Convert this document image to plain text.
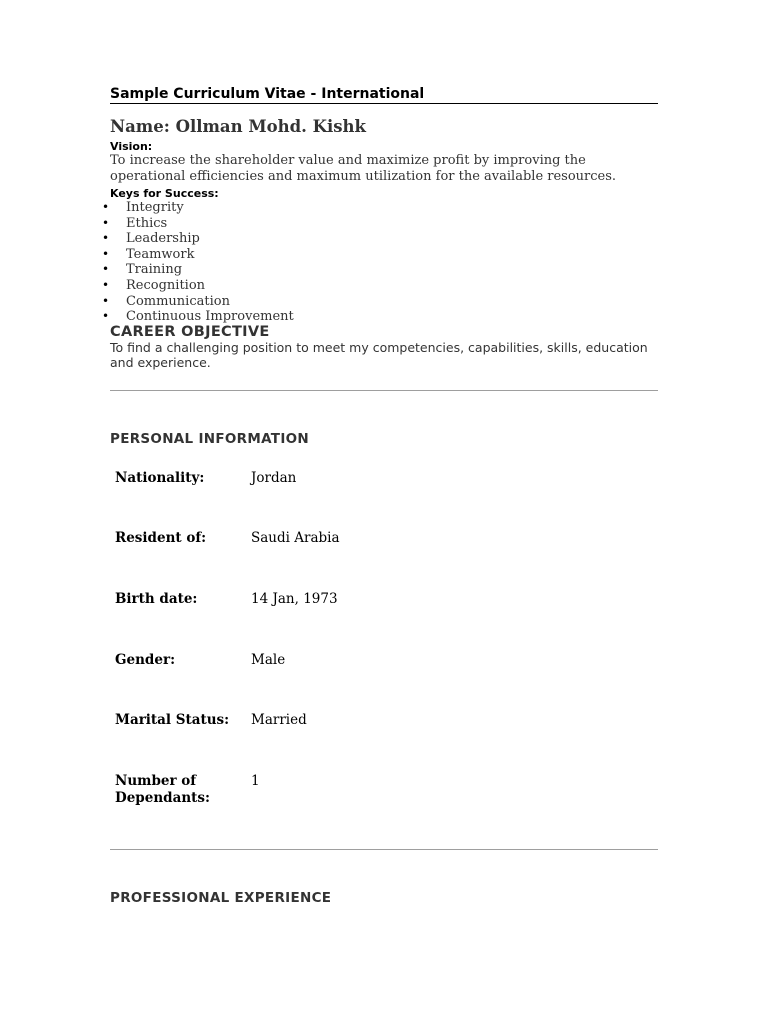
Sample Curriculum Vitae - International
Name: Ollman Mohd. Kishk
Vision:
To increase the shareholder value and maximize profit by improving the operational efficiencies and maximum utilization for the available resources.
Keys for Success:
• Integrity
• Ethics
• Leadership
• Teamwork
• Training
• Recognition
• Communication
• Continuous Improvement
CAREER OBJECTIVE
To find a challenging position to meet my competencies, capabilities, skills, education and experience.
PERSONAL INFORMATION
Nationality:	Jordan
Resident of:	Saudi Arabia
Birth date:	14 Jan, 1973
Gender:	Male
Marital Status:	Married
Number of Dependants:
1
PROFESSIONAL EXPERIENCE
